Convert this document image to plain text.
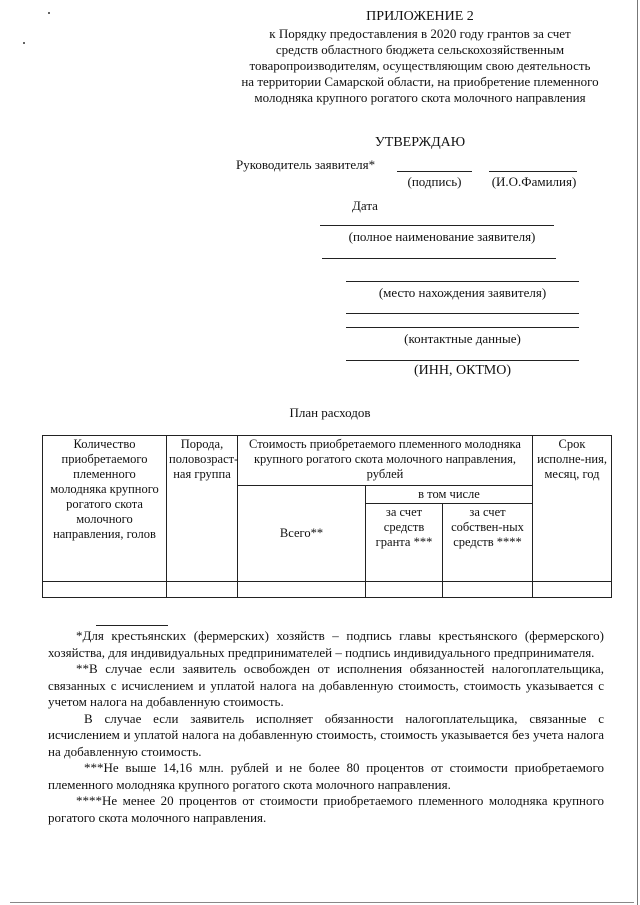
ПРИЛОЖЕНИЕ 2
к Порядку предоставления в 2020 году грантов за счет
средств областного бюджета сельскохозяйственным
товаропроизводителям, осуществляющим свою деятельность
на территории Самарской области, на приобретение племенного
молодняка крупного рогатого скота молочного направления
УТВЕРЖДАЮ
Руководитель заявителя*
(подпись)	(И.О.Фамилия)
Дата
(полное наименование заявителя)
(место нахождения заявителя)
(контактные данные)
(ИНН, ОКТМО)
План расходов
Количество приобретаемого племенного молодняка крупного рогатого скота молочного направления, голов	Порода, половозраст-ная группа	Стоимость приобретаемого племенного молодняка крупного рогатого скота молочного направления, рублей			Срок исполне-ния, месяц, год
		Всего**	в том числе		
			за счет средств гранта ***	за счет собствен-ных средств ****	

*Для крестьянских (фермерских) хозяйств – подпись главы крестьянского (фермерского) хозяйства, для индивидуальных предпринимателей – подпись индивидуального предпринимателя.

**В случае если заявитель освобожден от исполнения обязанностей налогоплательщика, связанных с исчислением и уплатой налога на добавленную стоимость, стоимость указывается с учетом налога на добавленную стоимость.

В случае если заявитель исполняет обязанности налогоплательщика, связанные с исчислением и уплатой налога на добавленную стоимость, стоимость указывается без учета налога на добавленную стоимость.

***Не выше 14,16 млн. рублей и не более 80 процентов от стоимости приобретаемого племенного молодняка крупного рогатого скота молочного направления.

****Не менее 20 процентов от стоимости приобретаемого племенного молодняка крупного рогатого скота молочного направления.
